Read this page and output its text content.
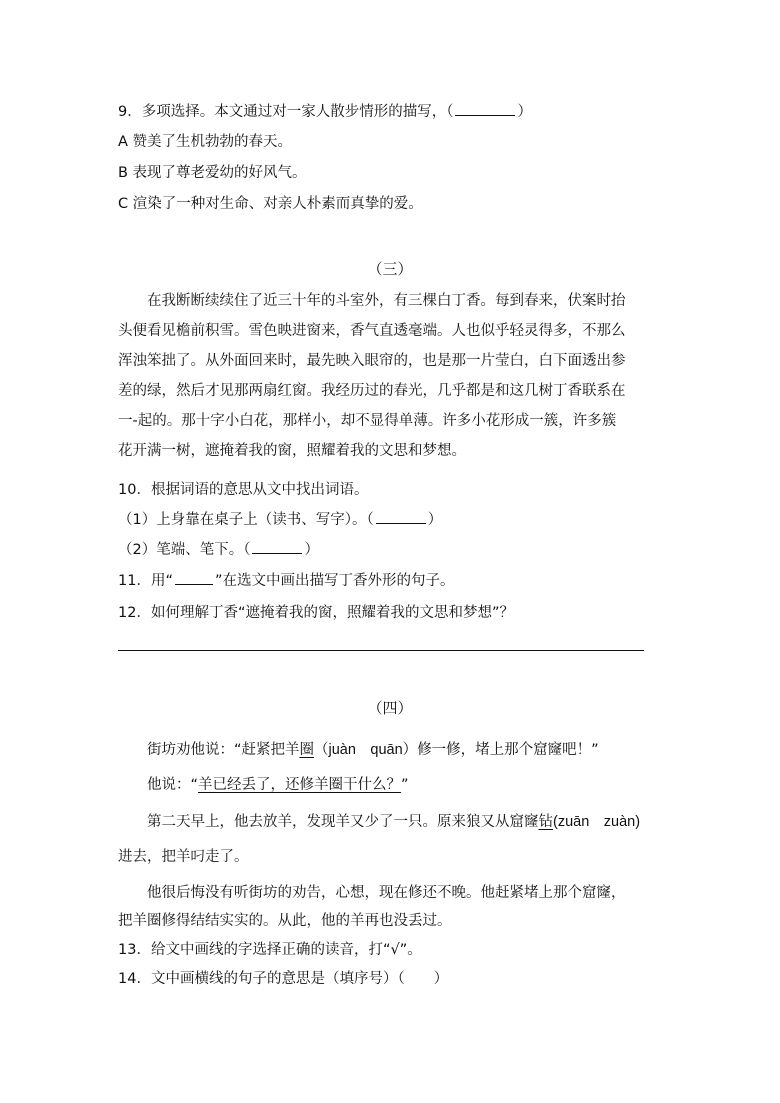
9．多项选择。本文通过对一家人散步情形的描写，（	）
A 赞美了生机勃勃的春天。
B 表现了尊老爱幼的好风气。
C 渲染了一种对生命、对亲人朴素而真挚的爱。
（三）
在我断断续续住了近三十年的斗室外，有三棵白丁香。每到春来，伏案时抬
头便看见檐前积雪。雪色映进窗来，香气直透毫端。人也似乎轻灵得多，不那么
浑浊笨拙了。从外面回来时，最先映入眼帘的，也是那一片莹白，白下面透出参
差的绿，然后才见那两扇红窗。我经历过的春光，几乎都是和这几树丁香联系在
一-起的。那十字小白花，那样小，却不显得单薄。许多小花形成一簇，许多簇
花开满一树，遮掩着我的窗，照耀着我的文思和梦想。
10．根据词语的意思从文中找出词语。
（1）上身靠在桌子上（读书、写字）。（	）
（2）笔端、笔下。（	）
11．用“	”在选文中画出描写丁香外形的句子。
12．如何理解丁香“遮掩着我的窗，照耀着我的文思和梦想”？
（四）
街坊劝他说：“赶紧把羊圈（juàn　quān）修一修，堵上那个窟窿吧！”
他说：“羊已经丢了，还修羊圈干什么？”
第二天早上，他去放羊，发现羊又少了一只。原来狼又从窟窿钻(zuān　zuàn)
进去，把羊叼走了。
他很后悔没有听街坊的劝告，心想，现在修还不晚。他赶紧堵上那个窟窿，
把羊圈修得结结实实的。从此，他的羊再也没丢过。
13．给文中画线的字选择正确的读音，打“√”。
14．文中画横线的句子的意思是（填序号）（　　）
